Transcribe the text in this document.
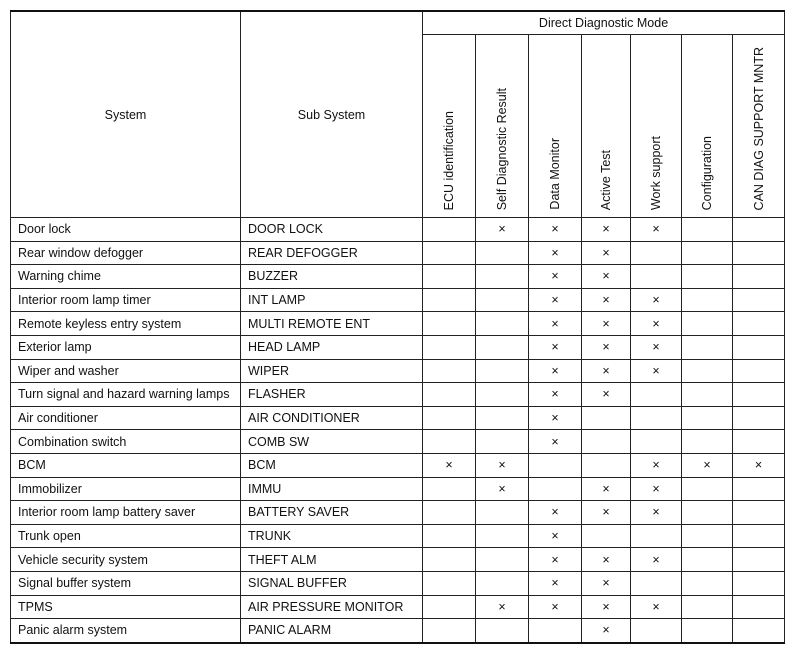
System	Sub System	Direct Diagnostic Mode						
		ECU identification	Self Diagnostic Result	Data Monitor	Active Test	Work support	Configuration	CAN DIAG SUPPORT MNTR
Door lock	DOOR LOCK		×	×	×	×		
Rear window defogger	REAR DEFOGGER			×	×			
Warning chime	BUZZER			×	×			
Interior room lamp timer	INT LAMP			×	×	×		
Remote keyless entry system	MULTI REMOTE ENT			×	×	×		
Exterior lamp	HEAD LAMP			×	×	×		
Wiper and washer	WIPER			×	×	×		
Turn signal and hazard warning lamps	FLASHER			×	×			
Air conditioner	AIR CONDITIONER			×				
Combination switch	COMB SW			×				
BCM	BCM	×	×			×	×	×
Immobilizer	IMMU		×		×	×		
Interior room lamp battery saver	BATTERY SAVER			×	×	×		
Trunk open	TRUNK			×				
Vehicle security system	THEFT ALM			×	×	×		
Signal buffer system	SIGNAL BUFFER			×	×			
TPMS	AIR PRESSURE MONITOR		×	×	×	×		
Panic alarm system	PANIC ALARM				×			
